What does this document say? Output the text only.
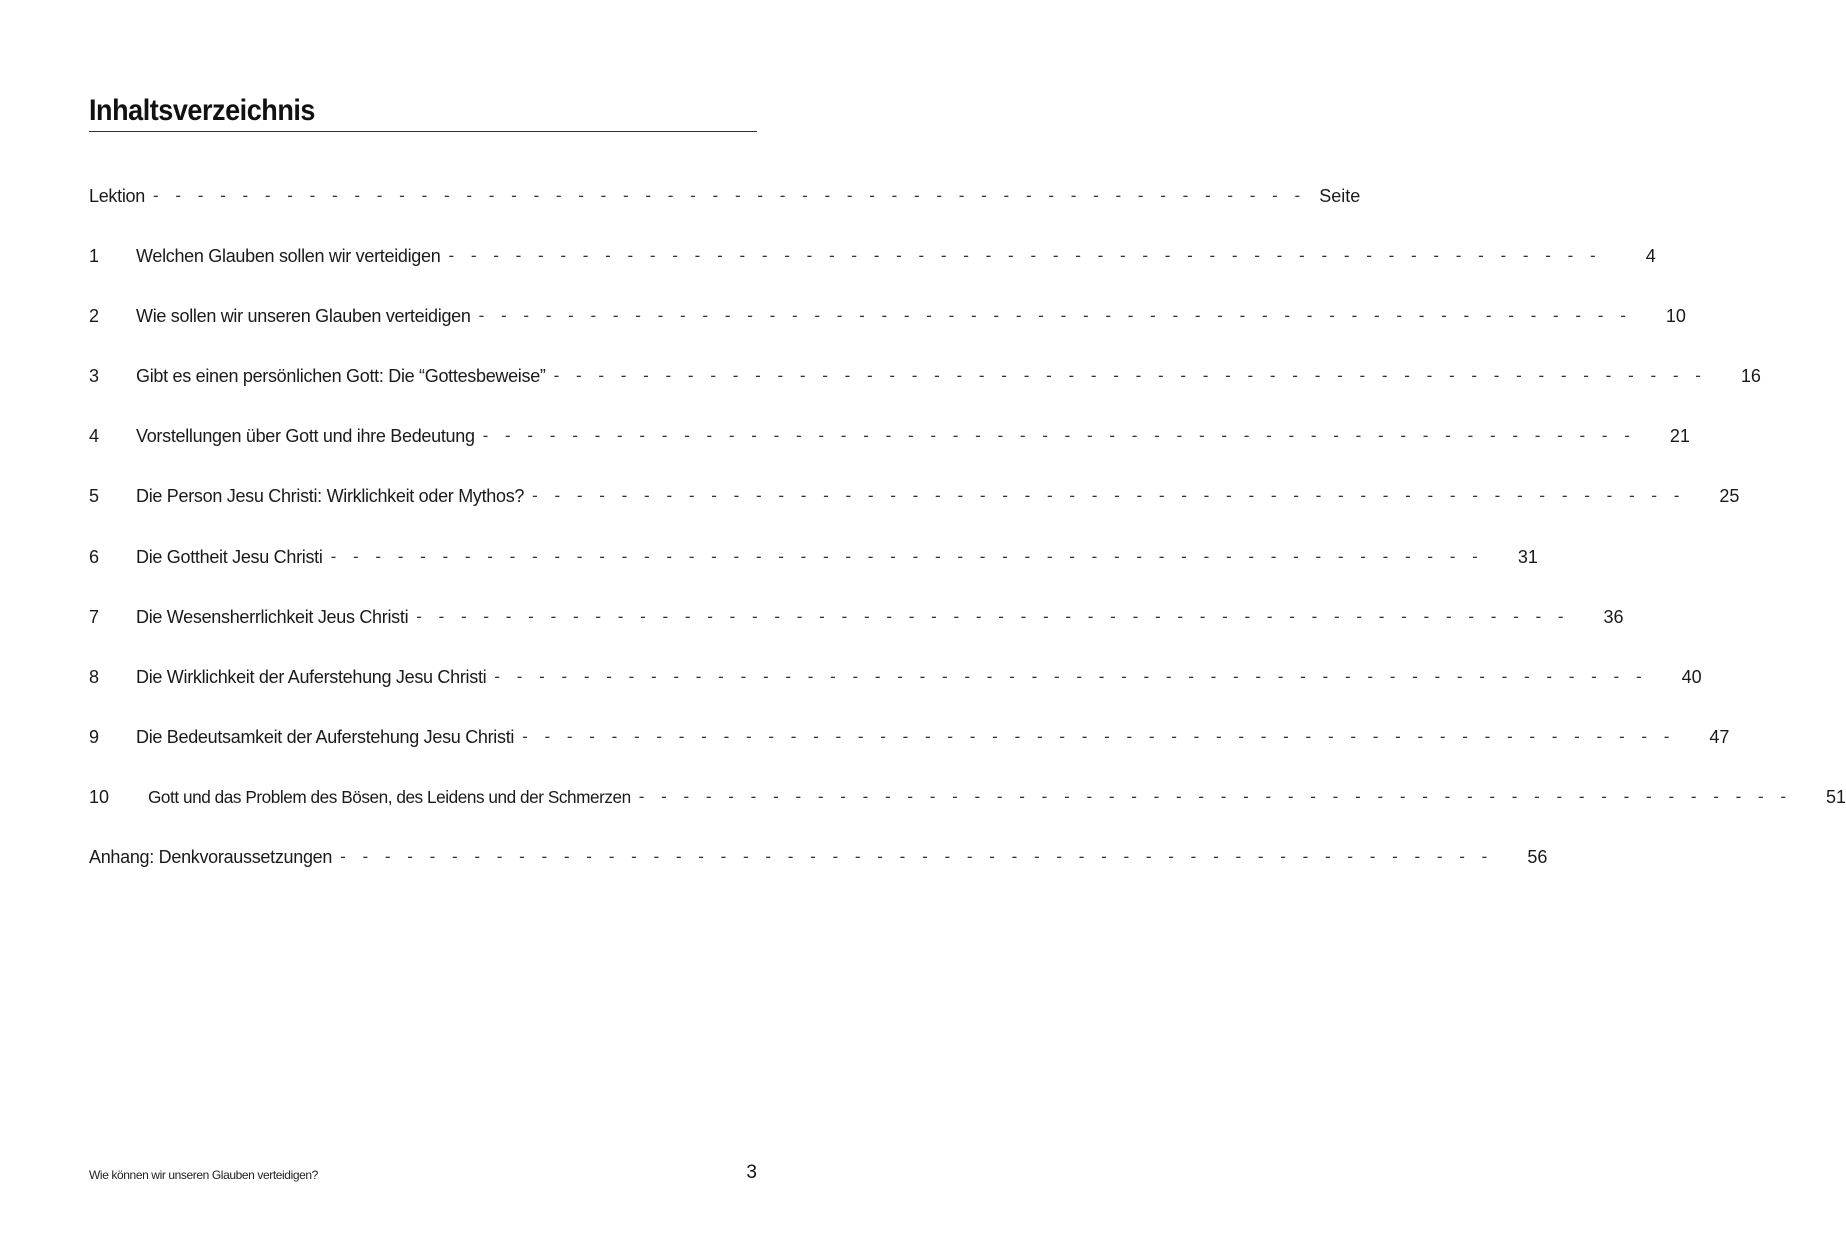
Inhaltsverzeichnis
Lektion - - - - - - - - - - - - - - - - - - - - - - - - - - - - - - - - - - - - - - - - - - - - - - - - - - - - Seite
1	Welchen Glauben sollen wir verteidigen - - - - - - - - - - - - - - - - - - - - - - - - - - - - - - - - - - - - - - - - - - - - - - - - - - - -	4
2	Wie sollen wir unseren Glauben verteidigen - - - - - - - - - - - - - - - - - - - - - - - - - - - - - - - - - - - - - - - - - - - - - - - - - - - -	10
3	Gibt es einen persönlichen Gott: Die “Gottesbeweise” - - - - - - - - - - - - - - - - - - - - - - - - - - - - - - - - - - - - - - - - - - - - - - - - - - - -	16
4	Vorstellungen über Gott und ihre Bedeutung - - - - - - - - - - - - - - - - - - - - - - - - - - - - - - - - - - - - - - - - - - - - - - - - - - - -	21
5	Die Person Jesu Christi: Wirklichkeit oder Mythos? - - - - - - - - - - - - - - - - - - - - - - - - - - - - - - - - - - - - - - - - - - - - - - - - - - - -	25
6	Die Gottheit Jesu Christi - - - - - - - - - - - - - - - - - - - - - - - - - - - - - - - - - - - - - - - - - - - - - - - - - - - -	31
7	Die Wesensherrlichkeit Jeus Christi - - - - - - - - - - - - - - - - - - - - - - - - - - - - - - - - - - - - - - - - - - - - - - - - - - - -	36
8	Die Wirklichkeit der Auferstehung Jesu Christi - - - - - - - - - - - - - - - - - - - - - - - - - - - - - - - - - - - - - - - - - - - - - - - - - - - -	40
9	Die Bedeutsamkeit der Auferstehung Jesu Christi - - - - - - - - - - - - - - - - - - - - - - - - - - - - - - - - - - - - - - - - - - - - - - - - - - - -	47
10	Gott und das Problem des Bösen, des Leidens und der Schmerzen - - - - - - - - - - - - - - - - - - - - - - - - - - - - - - - - - - - - - - - - - - - - - - - - - - - -	51
Anhang: Denkvoraussetzungen - - - - - - - - - - - - - - - - - - - - - - - - - - - - - - - - - - - - - - - - - - - - - - - - - - - -	56
Wie können wir unseren Glauben verteidigen?	3
